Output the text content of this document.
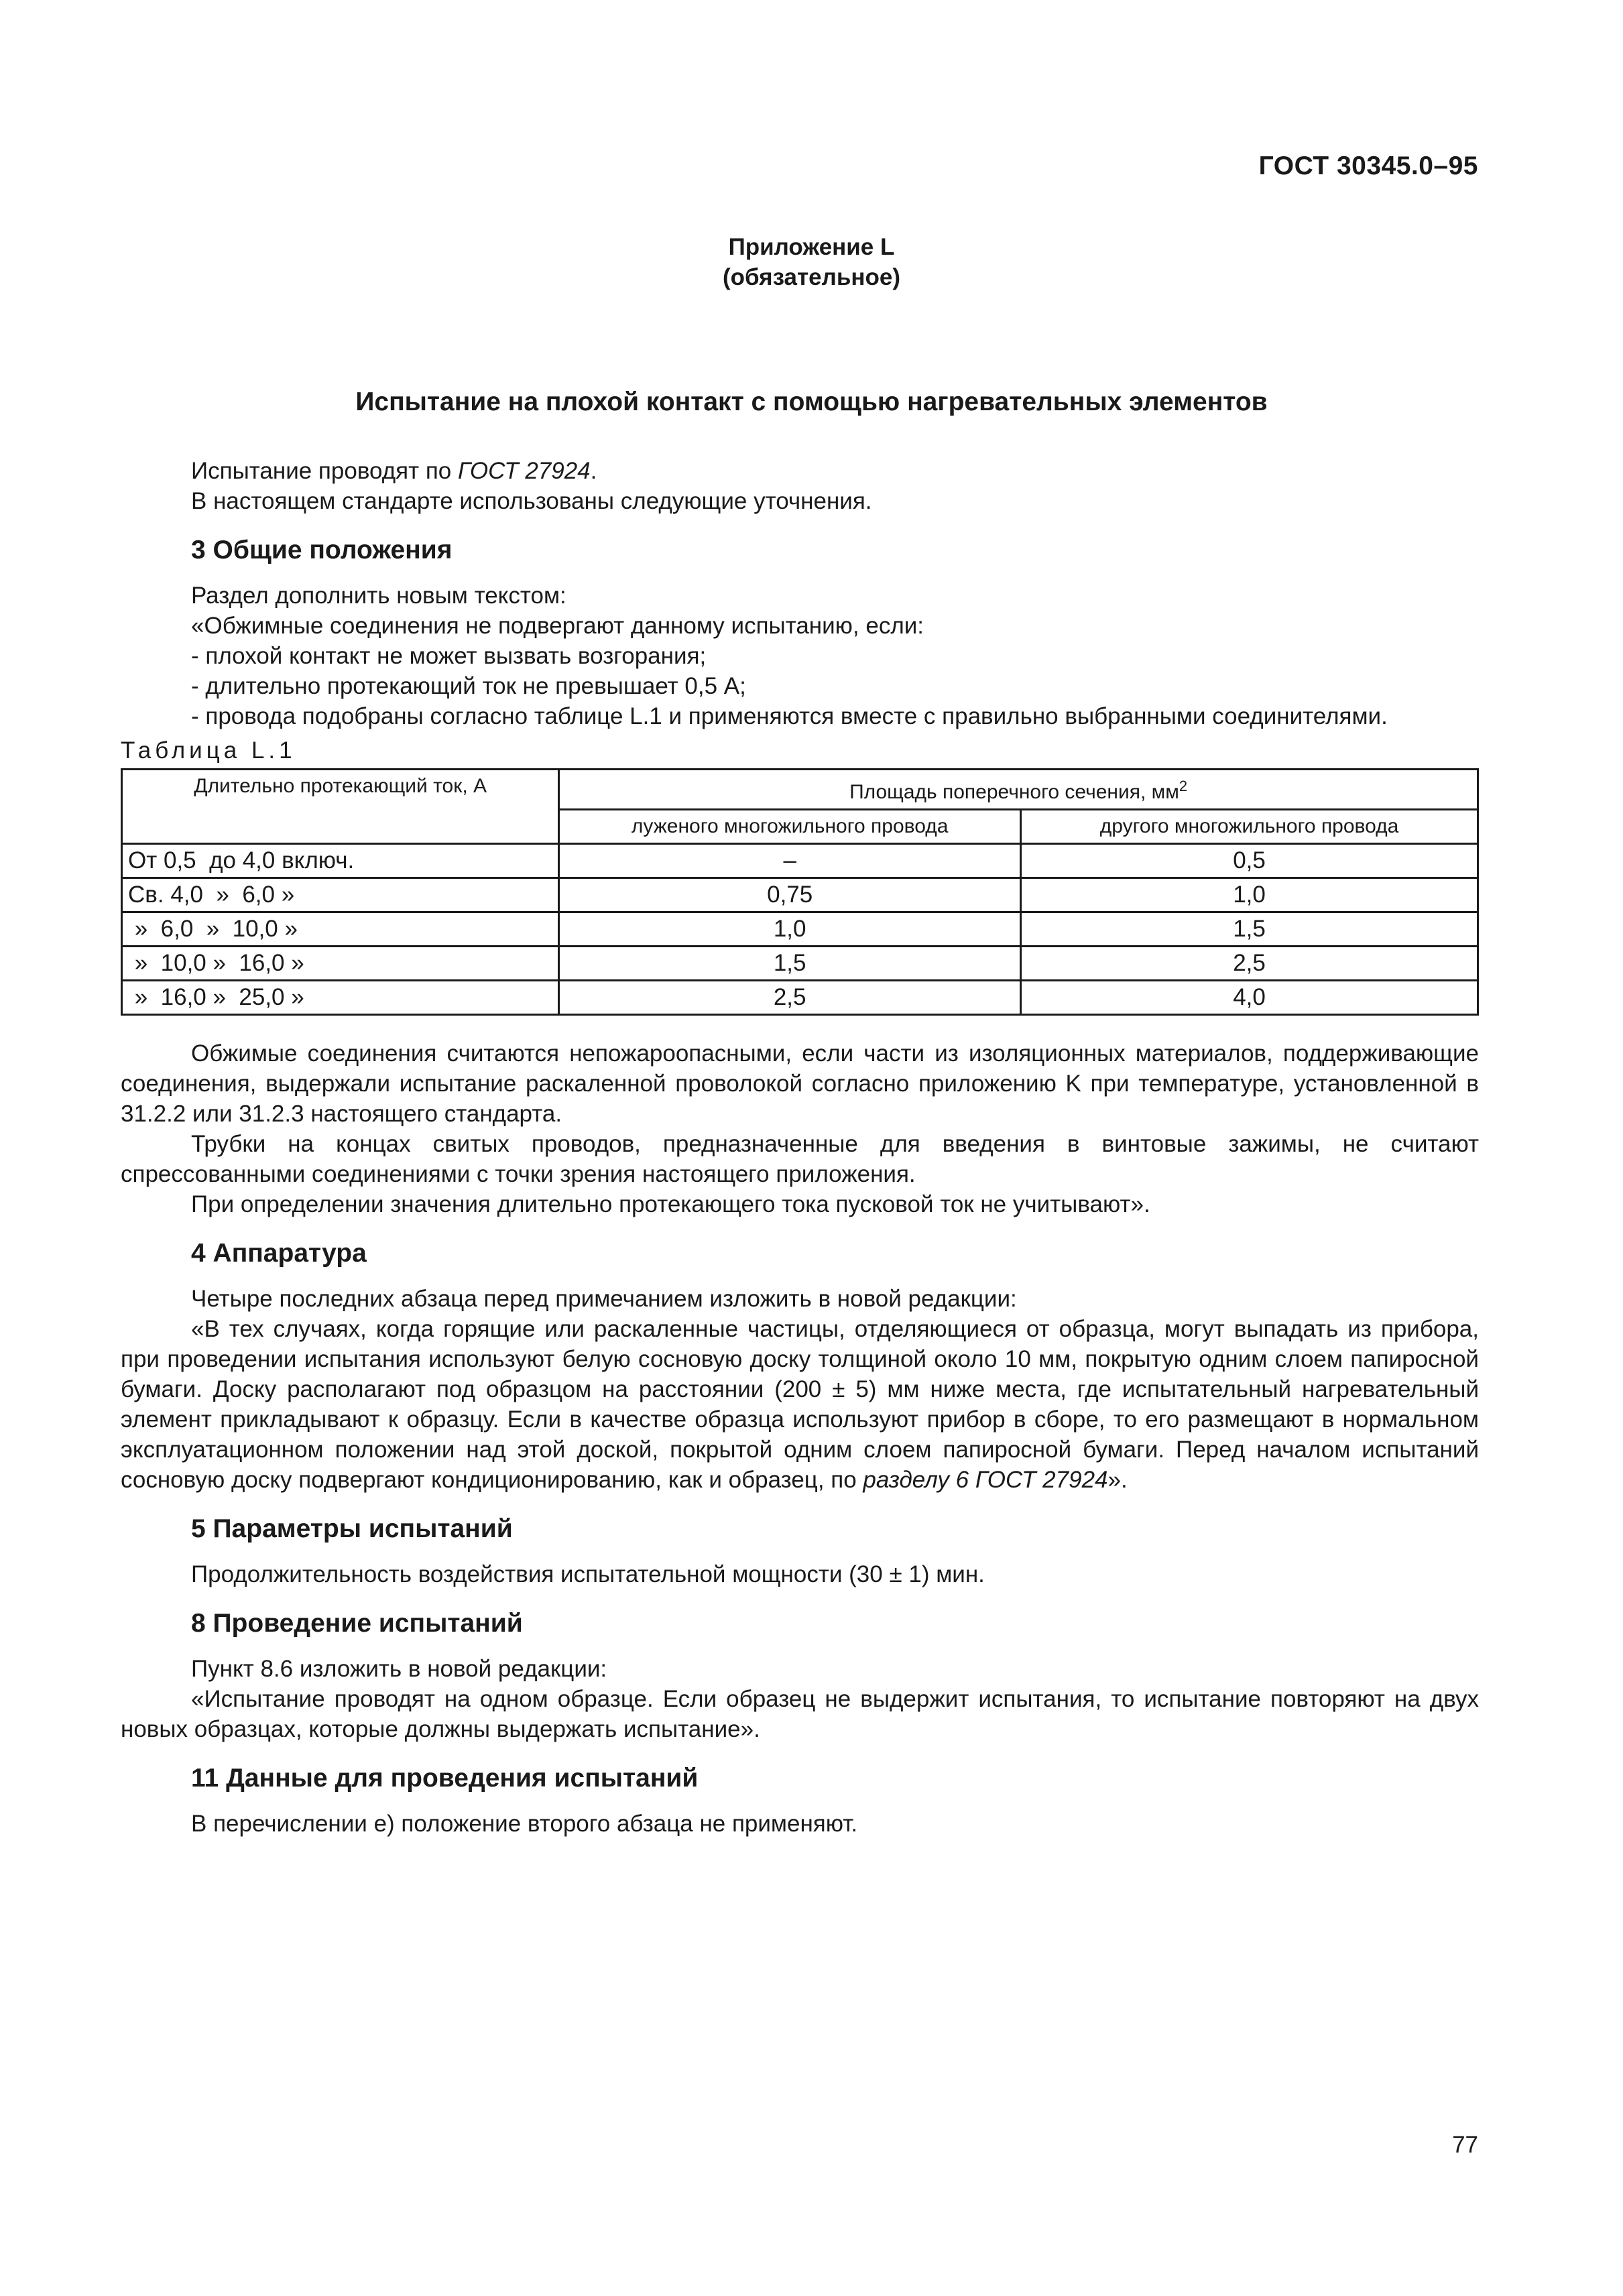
ГОСТ 30345.0–95
Приложение L
(обязательное)
Испытание на плохой контакт с помощью нагревательных элементов

Испытание проводят по ГОСТ 27924.

В настоящем стандарте использованы следующие уточнения.

3 Общие положения

Раздел дополнить новым текстом:

«Обжимные соединения не подвергают данному испытанию, если:

- плохой контакт не может вызвать возгорания;

- длительно протекающий ток не превышает 0,5 А;

- провода подобраны согласно таблице L.1 и применяются вместе с правильно выбранными соединителями.

Таблица L.1
Длительно протекающий ток, А	Площадь поперечного сечения, $мм^2$
	луженого многожильного провода	другого многожильного провода
От 0,5  до 4,0 включ.	–	0,5
Св. 4,0  »  6,0 »	0,75	1,0
»  6,0  »  10,0 »	1,0	1,5
»  10,0 »  16,0 »	1,5	2,5
»  16,0 »  25,0 »	2,5	4,0

Обжимые соединения считаются непожароопасными, если части из изоляционных материалов, поддерживающие соединения, выдержали испытание раскаленной проволокой согласно приложению K при температуре, установленной в 31.2.2 или 31.2.3 настоящего стандарта.

Трубки на концах свитых проводов, предназначенные для введения в винтовые зажимы, не считают спрессованными соединениями с точки зрения настоящего приложения.

При определении значения длительно протекающего тока пусковой ток не учитывают».

4 Аппаратура

Четыре последних абзаца перед примечанием изложить в новой редакции:

«В тех случаях, когда горящие или раскаленные частицы, отделяющиеся от образца, могут выпадать из прибора, при проведении испытания используют белую сосновую доску толщиной около 10 мм, покрытую одним слоем папиросной бумаги. Доску располагают под образцом на расстоянии (200 ± 5) мм ниже места, где испытательный нагревательный элемент прикладывают к образцу. Если в качестве образца используют прибор в сборе, то его размещают в нормальном эксплуатационном положении над этой доской, покрытой одним слоем папиросной бумаги. Перед началом испытаний сосновую доску подвергают кондиционированию, как и образец, по разделу 6 ГОСТ 27924».

5 Параметры испытаний

Продолжительность воздействия испытательной мощности (30 ± 1) мин.

8 Проведение испытаний

Пункт 8.6 изложить в новой редакции:

«Испытание проводят на одном образце. Если образец не выдержит испытания, то испытание повторяют на двух новых образцах, которые должны выдержать испытание».

11 Данные для проведения испытаний

В перечислении е) положение второго абзаца не применяют.

77
